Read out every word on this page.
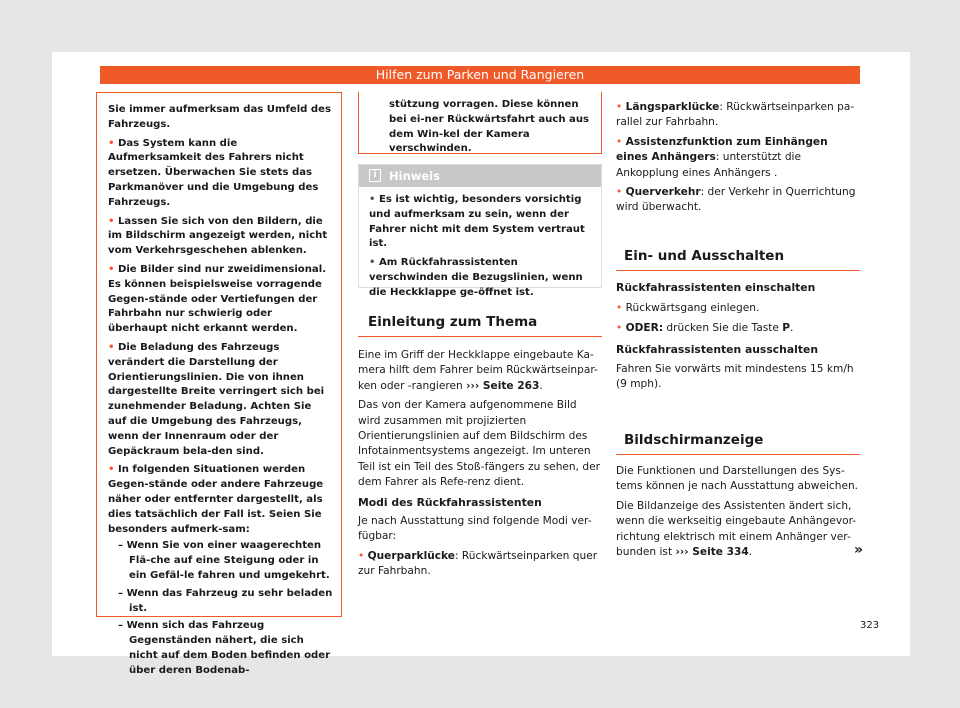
Hilfen zum Parken und Rangieren

Sie immer aufmerksam das Umfeld des Fahrzeugs.

• Das System kann die Aufmerksamkeit des Fahrers nicht ersetzen. Überwachen Sie stets das Parkmanöver und die Umgebung des Fahrzeugs.

• Lassen Sie sich von den Bildern, die im Bildschirm angezeigt werden, nicht vom Verkehrsgeschehen ablenken.

• Die Bilder sind nur zweidimensional. Es können beispielsweise vorragende Gegen-stände oder Vertiefungen der Fahrbahn nur schwierig oder überhaupt nicht erkannt werden.

• Die Beladung des Fahrzeugs verändert die Darstellung der Orientierungslinien. Die von ihnen dargestellte Breite verringert sich bei zunehmender Beladung. Achten Sie auf die Umgebung des Fahrzeugs, wenn der Innenraum oder der Gepäckraum bela-den sind.

• In folgenden Situationen werden Gegen-stände oder andere Fahrzeuge näher oder entfernter dargestellt, als dies tatsächlich der Fall ist. Seien Sie besonders aufmerk-sam:

– Wenn Sie von einer waagerechten Flä-che auf eine Steigung oder in ein Gefäl-le fahren und umgekehrt.

– Wenn das Fahrzeug zu sehr beladen ist.

– Wenn sich das Fahrzeug Gegenständen nähert, die sich nicht auf dem Boden befinden oder über deren Bodenab-

stützung vorragen. Diese können bei ei-ner Rückwärtsfahrt auch aus dem Win-kel der Kamera verschwinden.

i	Hinweis

• Es ist wichtig, besonders vorsichtig und aufmerksam zu sein, wenn der Fahrer nicht mit dem System vertraut ist.

• Am Rückfahrassistenten verschwinden die Bezugslinien, wenn die Heckklappe ge-öffnet ist.

Einleitung zum Thema

Eine im Griff der Heckklappe eingebaute Ka-mera hilft dem Fahrer beim Rückwärtseinpar-ken oder -rangieren ››› Seite 263.

Das von der Kamera aufgenommene Bild wird zusammen mit projizierten Orientierungslinien auf dem Bildschirm des Infotainmentsystems angezeigt. Im unteren Teil ist ein Teil des Stoß-fängers zu sehen, der dem Fahrer als Refe-renz dient.

Modi des Rückfahrassistenten

Je nach Ausstattung sind folgende Modi ver-fügbar:

• Querparklücke: Rückwärtseinparken quer zur Fahrbahn.

• Längsparklücke: Rückwärtseinparken pa-rallel zur Fahrbahn.

• Assistenzfunktion zum Einhängen eines Anhängers: unterstützt die Ankopplung eines Anhängers .

• Querverkehr: der Verkehr in Querrichtung wird überwacht.

Ein- und Ausschalten

Rückfahrassistenten einschalten

• Rückwärtsgang einlegen.

• ODER: drücken Sie die Taste P.

Rückfahrassistenten ausschalten

Fahren Sie vorwärts mit mindestens 15 km/h (9 mph).

Bildschirmanzeige

Die Funktionen und Darstellungen des Sys-tems können je nach Ausstattung abweichen.

Die Bildanzeige des Assistenten ändert sich, wenn die werkseitig eingebaute Anhängevor-richtung elektrisch mit einem Anhänger ver-bunden ist ››› Seite 334.	»
323
